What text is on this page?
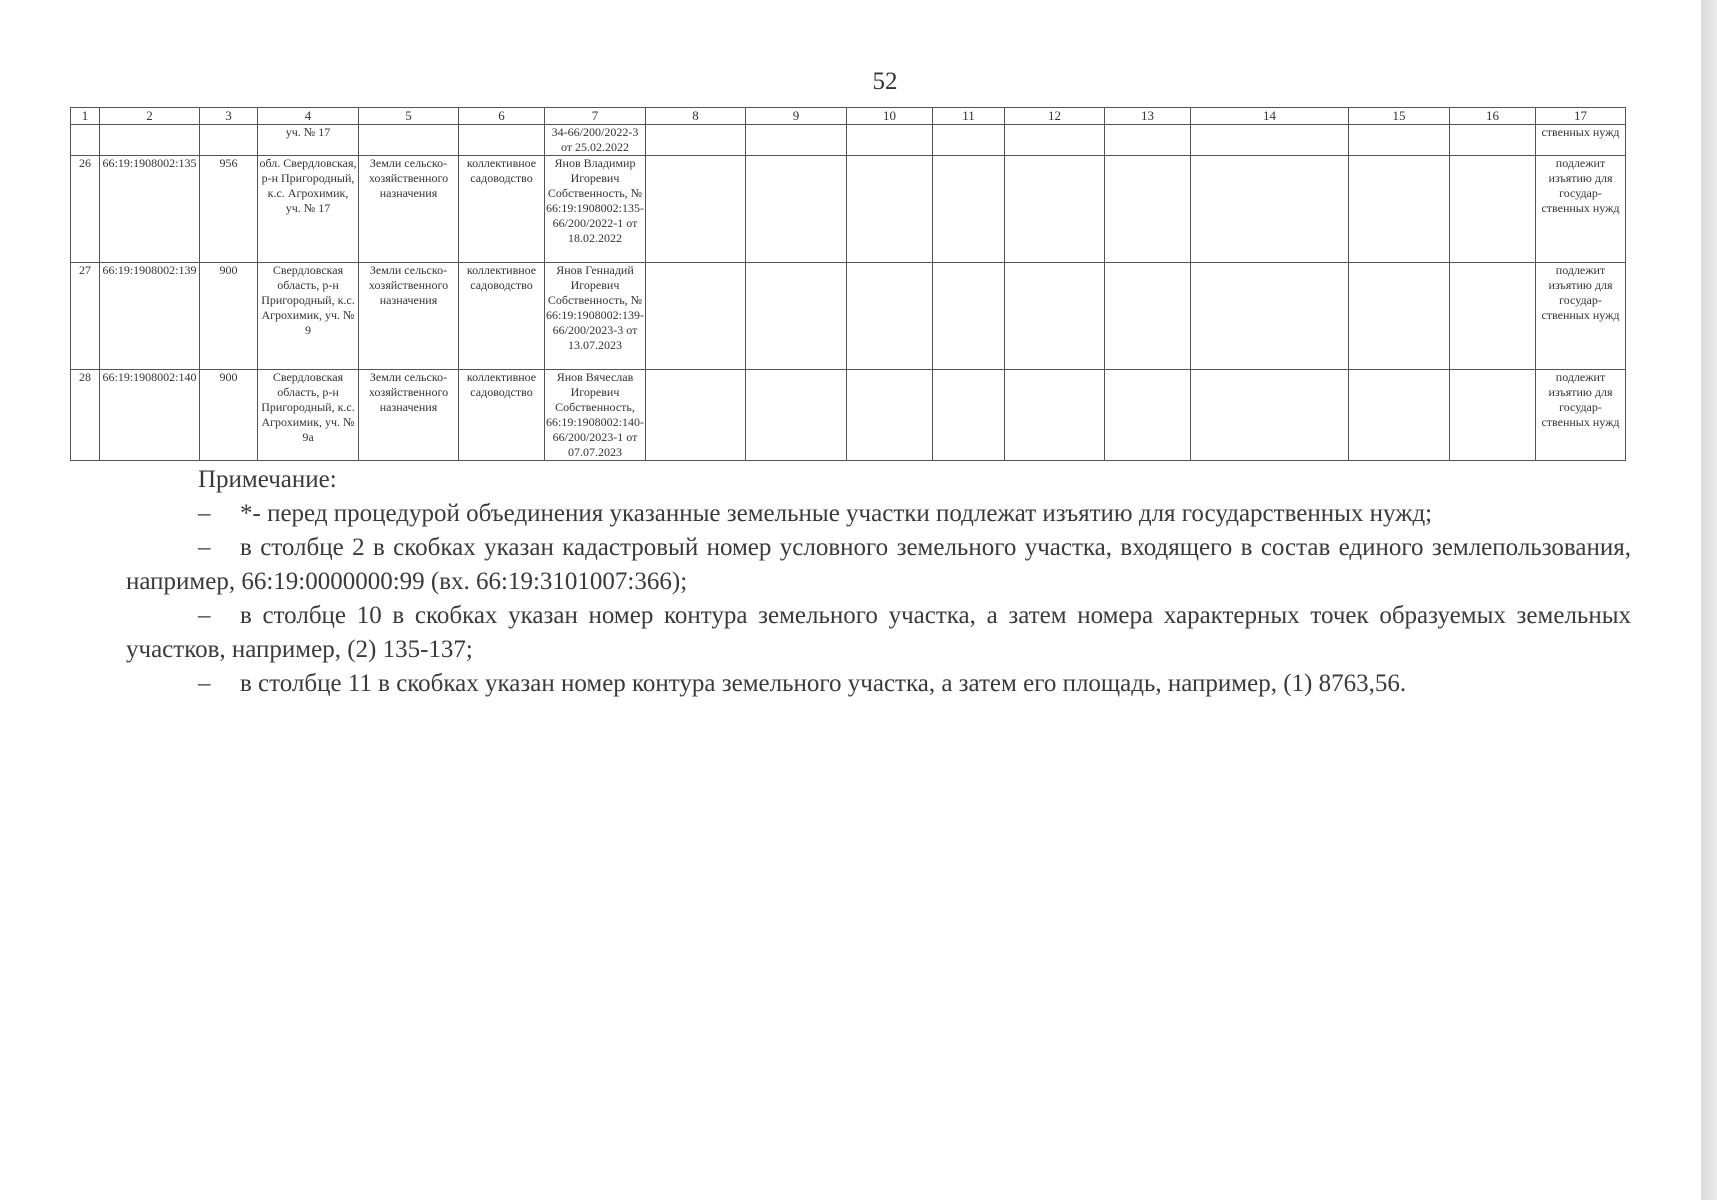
52
1	2	3	4	5	6	7	8	9	10	11	12	13	14	15	16	17
			уч. № 17			34-66/200/2022-3 от 25.02.2022										ственных нужд
26	66:19:1908002:135	956	обл. Свердловская, р-н Пригородный, к.с. Агрохимик, уч. № 17	Земли сельско-хозяйственного назначения	коллективное садоводство	Янов Владимир Игоревич Собственность, № 66:19:1908002:135-66/200/2022-1 от 18.02.2022										подлежит изъятию для государ-ственных нужд
27	66:19:1908002:139	900	Свердловская область, р-н Пригородный, к.с. Агрохимик, уч. № 9	Земли сельско-хозяйственного назначения	коллективное садоводство	Янов Геннадий Игоревич Собственность, № 66:19:1908002:139-66/200/2023-3 от 13.07.2023										подлежит изъятию для государ-ственных нужд
28	66:19:1908002:140	900	Свердловская область, р-н Пригородный, к.с. Агрохимик, уч. № 9а	Земли сельско-хозяйственного назначения	коллективное садоводство	Янов Вячеслав Игоревич Собственность, 66:19:1908002:140-66/200/2023-1 от 07.07.2023										подлежит изъятию для государ-ственных нужд

Примечание:

– *- перед процедурой объединения указанные земельные участки подлежат изъятию для государственных нужд;

– в столбце 2 в скобках указан кадастровый номер условного земельного участка, входящего в состав единого землепользования, например, 66:19:0000000:99 (вх. 66:19:3101007:366);

– в столбце 10 в скобках указан номер контура земельного участка, а затем номера характерных точек образуемых земельных участков, например, (2) 135-137;

– в столбце 11 в скобках указан номер контура земельного участка, а затем его площадь, например, (1) 8763,56.
